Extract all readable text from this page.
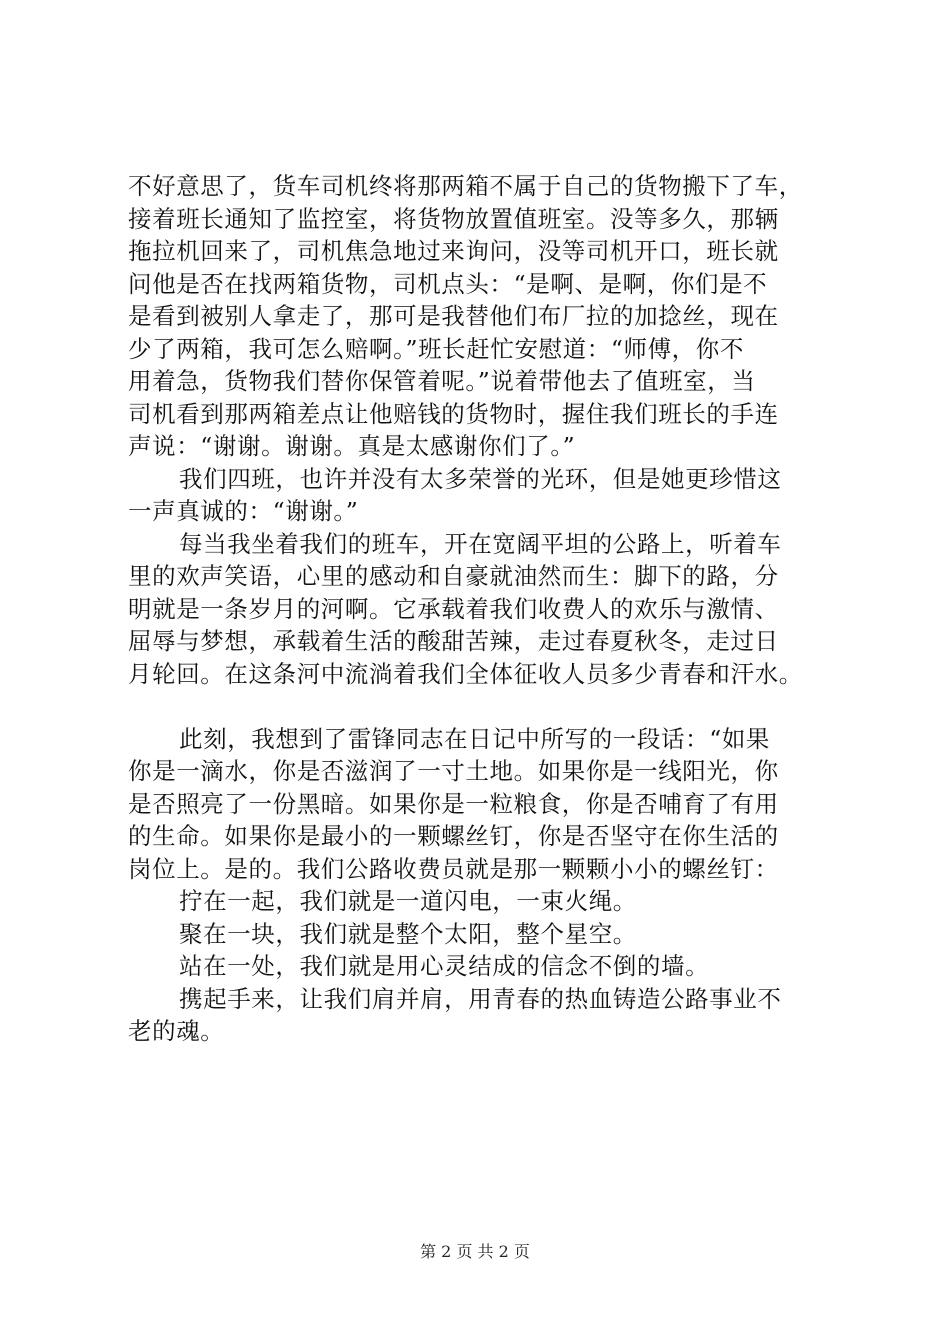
不好意思了，货车司机终将那两箱不属于自己的货物搬下了车，
接着班长通知了监控室，将货物放置值班室。没等多久，那辆
拖拉机回来了，司机焦急地过来询问，没等司机开口，班长就
问他是否在找两箱货物，司机点头：“是啊、是啊，你们是不
是看到被别人拿走了，那可是我替他们布厂拉的加捻丝，现在
少了两箱，我可怎么赔啊。”班长赶忙安慰道：“师傅，你不
用着急，货物我们替你保管着呢。”说着带他去了值班室，当
司机看到那两箱差点让他赔钱的货物时，握住我们班长的手连
声说：“谢谢。谢谢。真是太感谢你们了。”
我们四班，也许并没有太多荣誉的光环，但是她更珍惜这
一声真诚的：“谢谢。”
每当我坐着我们的班车，开在宽阔平坦的公路上，听着车
里的欢声笑语，心里的感动和自豪就油然而生：脚下的路，分
明就是一条岁月的河啊。它承载着我们收费人的欢乐与激情、
屈辱与梦想，承载着生活的酸甜苦辣，走过春夏秋冬，走过日
月轮回。在这条河中流淌着我们全体征收人员多少青春和汗水。
此刻，我想到了雷锋同志在日记中所写的一段话：“如果
你是一滴水，你是否滋润了一寸土地。如果你是一线阳光，你
是否照亮了一份黑暗。如果你是一粒粮食，你是否哺育了有用
的生命。如果你是最小的一颗螺丝钉，你是否坚守在你生活的
岗位上。是的。我们公路收费员就是那一颗颗小小的螺丝钉：
拧在一起，我们就是一道闪电，一束火绳。
聚在一块，我们就是整个太阳，整个星空。
站在一处，我们就是用心灵结成的信念不倒的墙。
携起手来，让我们肩并肩，用青春的热血铸造公路事业不
老的魂。
第 2 页 共 2 页
